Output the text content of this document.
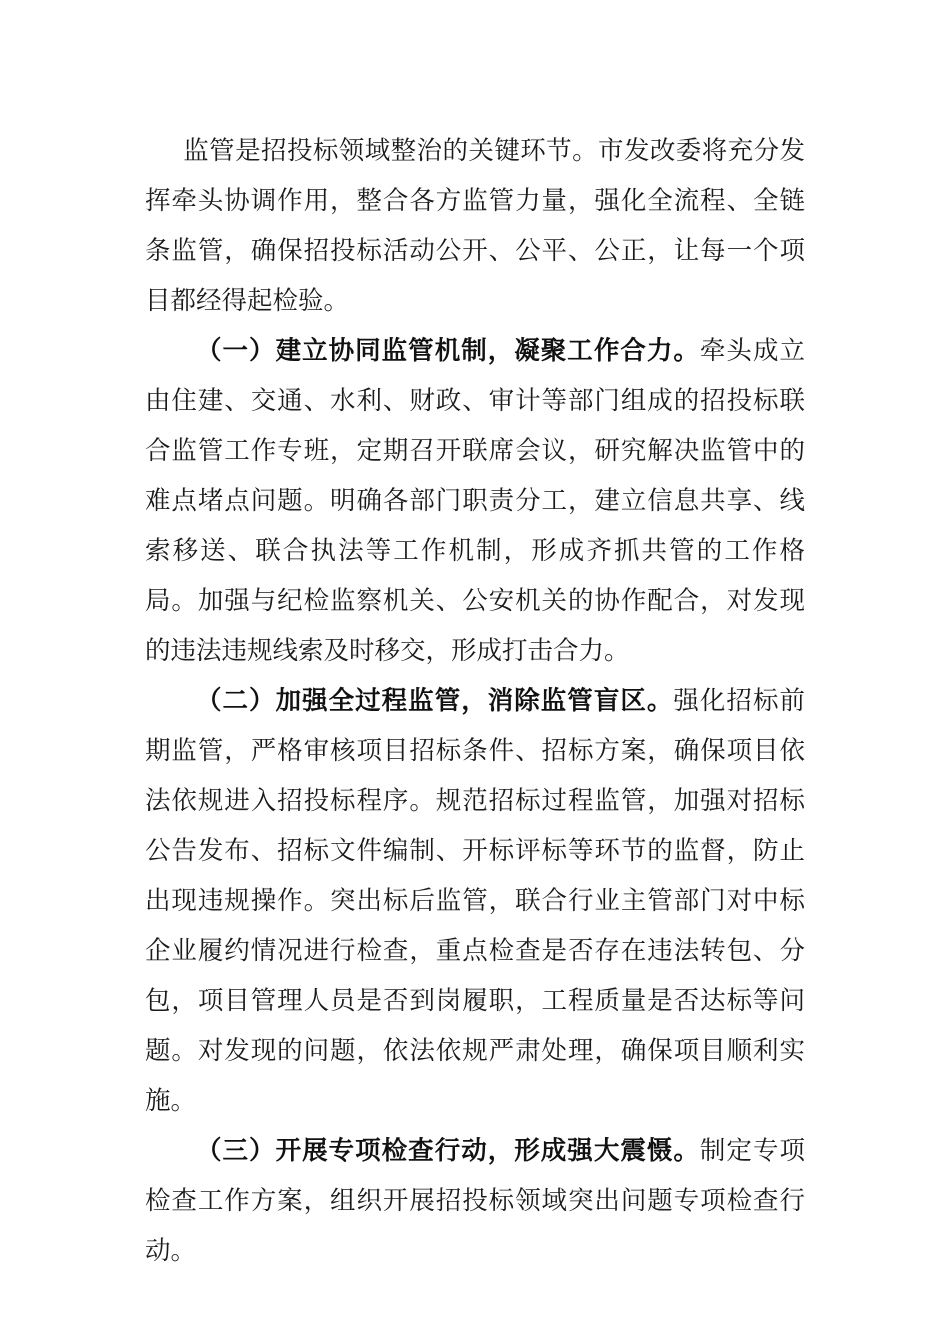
监管是招投标领域整治的关键环节。市发改委将充分发挥牵头协调作用，整合各方监管力量，强化全流程、全链条监管，确保招投标活动公开、公平、公正，让每一个项目都经得起检验。

（一）建立协同监管机制，凝聚工作合力。牵头成立由住建、交通、水利、财政、审计等部门组成的招投标联合监管工作专班，定期召开联席会议，研究解决监管中的难点堵点问题。明确各部门职责分工，建立信息共享、线索移送、联合执法等工作机制，形成齐抓共管的工作格局。加强与纪检监察机关、公安机关的协作配合，对发现的违法违规线索及时移交，形成打击合力。

（二）加强全过程监管，消除监管盲区。强化招标前期监管，严格审核项目招标条件、招标方案，确保项目依法依规进入招投标程序。规范招标过程监管，加强对招标公告发布、招标文件编制、开标评标等环节的监督，防止出现违规操作。突出标后监管，联合行业主管部门对中标企业履约情况进行检查，重点检查是否存在违法转包、分包，项目管理人员是否到岗履职，工程质量是否达标等问题。对发现的问题，依法依规严肃处理，确保项目顺利实施。

（三）开展专项检查行动，形成强大震慑。制定专项检查工作方案，组织开展招投标领域突出问题专项检查行动。
